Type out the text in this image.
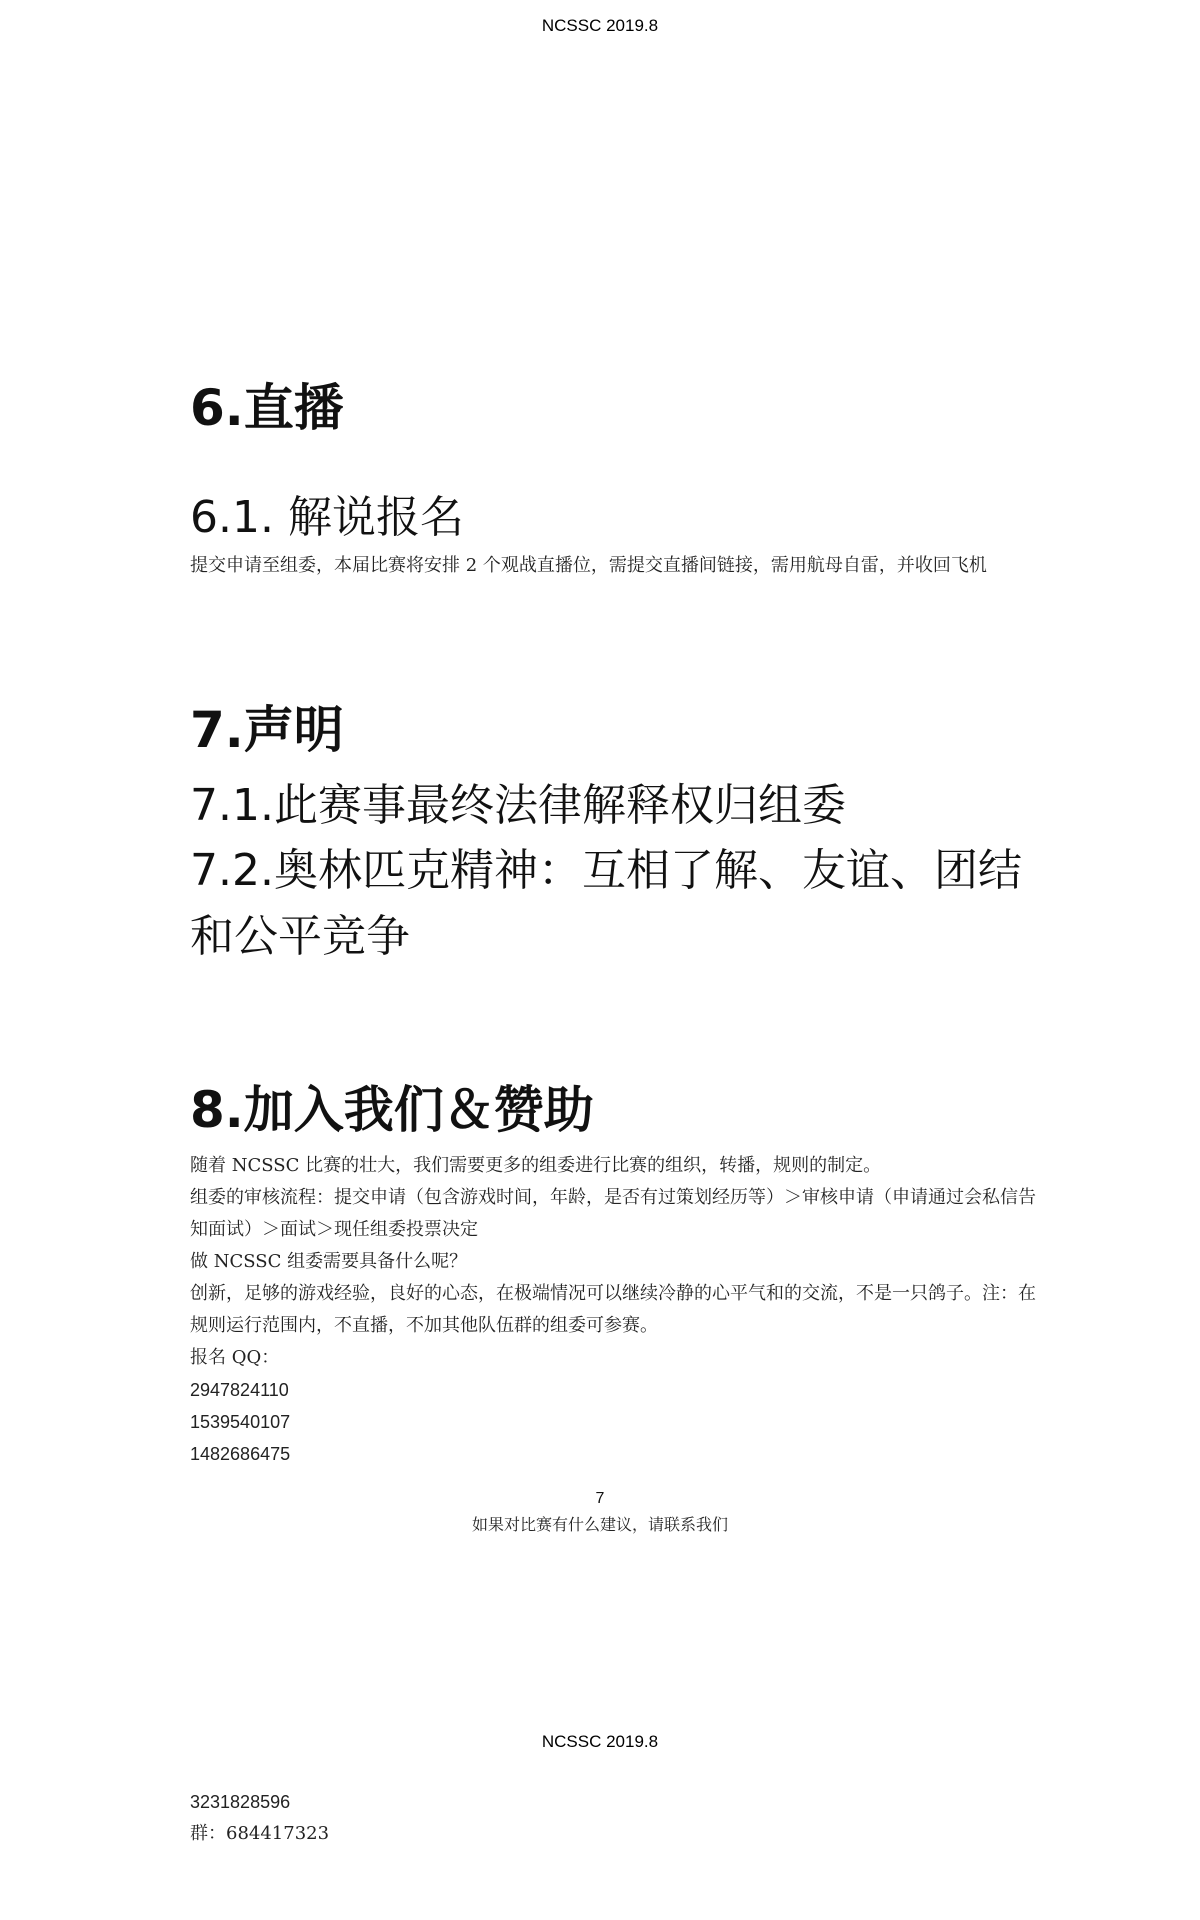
NCSSC 2019.8
6.直播
6.1. 解说报名

提交申请至组委，本届比赛将安排 2 个观战直播位，需提交直播间链接，需用航母自雷，并收回飞机

7.声明
7.1.此赛事最终法律解释权归组委
7.2.奥林匹克精神：互相了解、友谊、团结和公平竞争
8.加入我们＆赞助
随着 NCSSC 比赛的壮大，我们需要更多的组委进行比赛的组织，转播，规则的制定。

组委的审核流程：提交申请（包含游戏时间，年龄，是否有过策划经历等）＞审核申请（申请通过会私信告知面试）＞面试＞现任组委投票决定

做 NCSSC 组委需要具备什么呢？

创新，足够的游戏经验，良好的心态，在极端情况可以继续冷静的心平气和的交流，不是一只鸽子。注：在规则运行范围内，不直播，不加其他队伍群的组委可参赛。

报名 QQ：
2947824110
1539540107
1482686475
7
如果对比赛有什么建议，请联系我们
NCSSC 2019.8
3231828596
群：684417323
